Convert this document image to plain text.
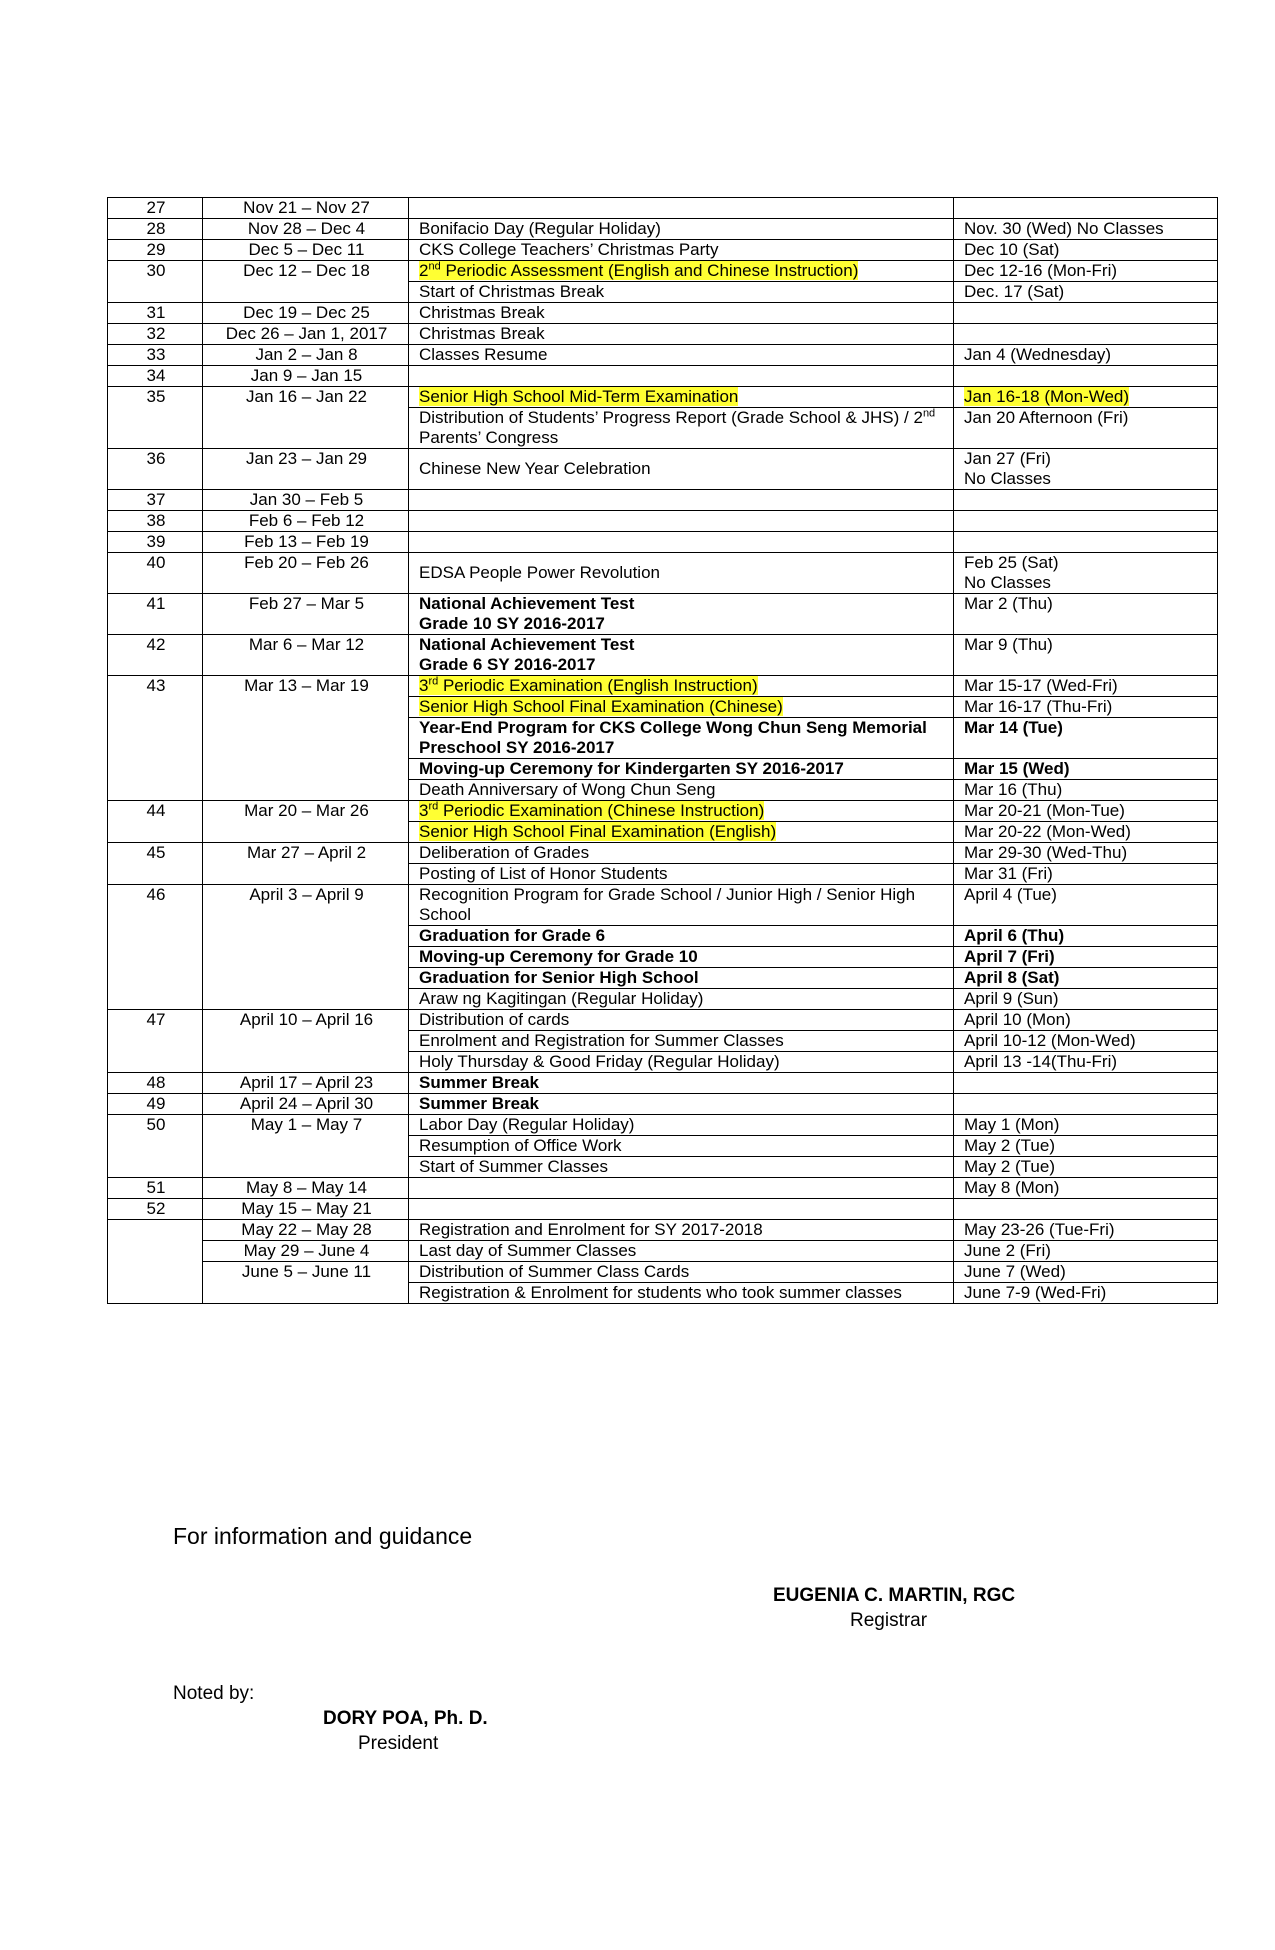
27	Nov 21 – Nov 27		
28	Nov 28 – Dec 4	Bonifacio Day (Regular Holiday)	Nov. 30 (Wed) No Classes
29	Dec 5 – Dec 11	CKS College Teachers’ Christmas Party	Dec 10 (Sat)
30	Dec 12 – Dec 18	2nd Periodic Assessment (English and Chinese Instruction)	Dec 12-16 (Mon-Fri)
		Start of Christmas Break	Dec. 17 (Sat)
31	Dec 19 – Dec 25	Christmas Break	
32	Dec 26 – Jan 1, 2017	Christmas Break	
33	Jan 2 – Jan 8	Classes Resume	Jan 4 (Wednesday)
34	Jan 9 – Jan 15		
35	Jan 16 – Jan 22	Senior High School Mid-Term Examination	Jan 16-18 (Mon-Wed)
		Distribution of Students’ Progress Report (Grade School & JHS) / 2nd Parents’ Congress	Jan 20 Afternoon (Fri)
36	Jan 23 – Jan 29	Chinese New Year Celebration	Jan 27 (Fri)
No Classes
37	Jan 30 – Feb 5		
38	Feb 6 – Feb 12		
39	Feb 13 – Feb 19		
40	Feb 20 – Feb 26	EDSA People Power Revolution	Feb 25 (Sat)
No Classes
41	Feb 27 – Mar 5	National Achievement Test
Grade 10 SY 2016-2017	Mar 2 (Thu)
42	Mar 6 – Mar 12	National Achievement Test
Grade 6 SY 2016-2017	Mar 9 (Thu)
43	Mar 13 – Mar 19	3rd Periodic Examination (English Instruction)	Mar 15-17 (Wed-Fri)
		Senior High School Final Examination (Chinese)	Mar 16-17 (Thu-Fri)
		Year-End Program for CKS College Wong Chun Seng Memorial Preschool SY 2016-2017	Mar 14 (Tue)
		Moving-up Ceremony for Kindergarten SY 2016-2017	Mar 15 (Wed)
		Death Anniversary of Wong Chun Seng	Mar 16 (Thu)
44	Mar 20 – Mar 26	3rd Periodic Examination (Chinese Instruction)	Mar 20-21 (Mon-Tue)
		Senior High School Final Examination (English)	Mar 20-22 (Mon-Wed)
45	Mar 27 – April 2	Deliberation of Grades	Mar 29-30 (Wed-Thu)
		Posting of List of Honor Students	Mar 31 (Fri)
46	April 3 – April 9	Recognition Program for Grade School / Junior High / Senior High School	April 4 (Tue)
		Graduation for Grade 6	April 6 (Thu)
		Moving-up Ceremony for Grade 10	April 7 (Fri)
		Graduation for Senior High School	April 8 (Sat)
		Araw ng Kagitingan (Regular Holiday)	April 9 (Sun)
47	April 10 – April 16	Distribution of cards	April 10 (Mon)
		Enrolment and Registration for Summer Classes	April 10-12 (Mon-Wed)
		Holy Thursday & Good Friday (Regular Holiday)	April 13 -14(Thu-Fri)
48	April 17 – April 23	Summer Break	
49	April 24 – April 30	Summer Break	
50	May 1 – May 7	Labor Day (Regular Holiday)	May 1 (Mon)
		Resumption of Office Work	May 2 (Tue)
		Start of Summer Classes	May 2 (Tue)
51	May 8 – May 14		May 8 (Mon)
52	May 15 – May 21		
	May 22 – May 28	Registration and Enrolment for SY 2017-2018	May 23-26 (Tue-Fri)
	May 29 – June 4	Last day of Summer Classes	June 2 (Fri)
	June 5 – June 11	Distribution of Summer Class Cards	June 7 (Wed)
		Registration & Enrolment for students who took summer classes	June 7-9 (Wed-Fri)
For information and guidance
EUGENIA C. MARTIN, RGC
Registrar
Noted by:
DORY POA, Ph. D.
President
